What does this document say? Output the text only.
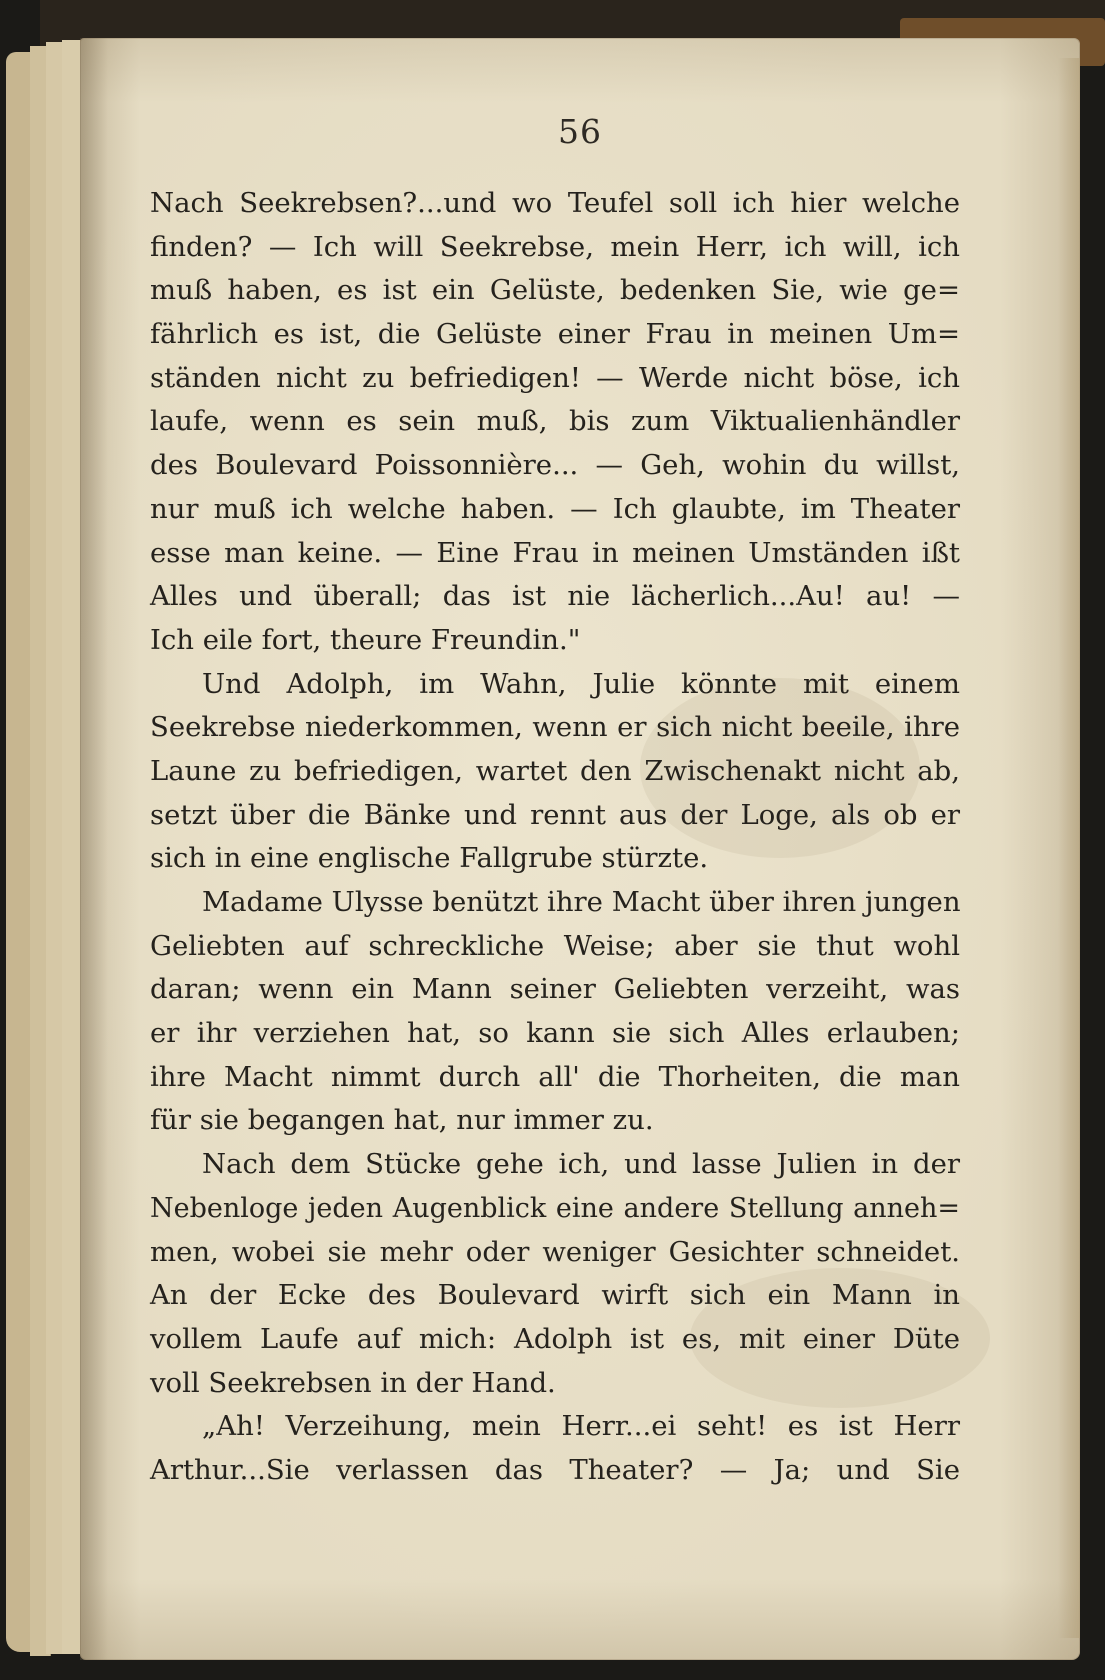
56
Nach Seekrebsen?...und wo Teufel soll ich hier welche
finden? — Ich will Seekrebse, mein Herr, ich will, ich
muß haben, es ist ein Gelüste, bedenken Sie, wie ge=
fährlich es ist, die Gelüste einer Frau in meinen Um=
ständen nicht zu befriedigen! — Werde nicht böse, ich
laufe, wenn es sein muß, bis zum Viktualienhändler
des Boulevard Poissonnière... — Geh, wohin du willst,
nur muß ich welche haben. — Ich glaubte, im Theater
esse man keine. — Eine Frau in meinen Umständen ißt
Alles und überall; das ist nie lächerlich...Au! au! —
Ich eile fort, theure Freundin."
Und Adolph, im Wahn, Julie könnte mit einem
Seekrebse niederkommen, wenn er sich nicht beeile, ihre
Laune zu befriedigen, wartet den Zwischenakt nicht ab,
setzt über die Bänke und rennt aus der Loge, als ob er
sich in eine englische Fallgrube stürzte.
Madame Ulysse benützt ihre Macht über ihren jungen
Geliebten auf schreckliche Weise; aber sie thut wohl
daran; wenn ein Mann seiner Geliebten verzeiht, was
er ihr verziehen hat, so kann sie sich Alles erlauben;
ihre Macht nimmt durch all' die Thorheiten, die man
für sie begangen hat, nur immer zu.
Nach dem Stücke gehe ich, und lasse Julien in der
Nebenloge jeden Augenblick eine andere Stellung anneh=
men, wobei sie mehr oder weniger Gesichter schneidet.
An der Ecke des Boulevard wirft sich ein Mann in
vollem Laufe auf mich: Adolph ist es, mit einer Düte
voll Seekrebsen in der Hand.
„Ah! Verzeihung, mein Herr...ei seht! es ist Herr
Arthur...Sie verlassen das Theater? — Ja; und Sie
